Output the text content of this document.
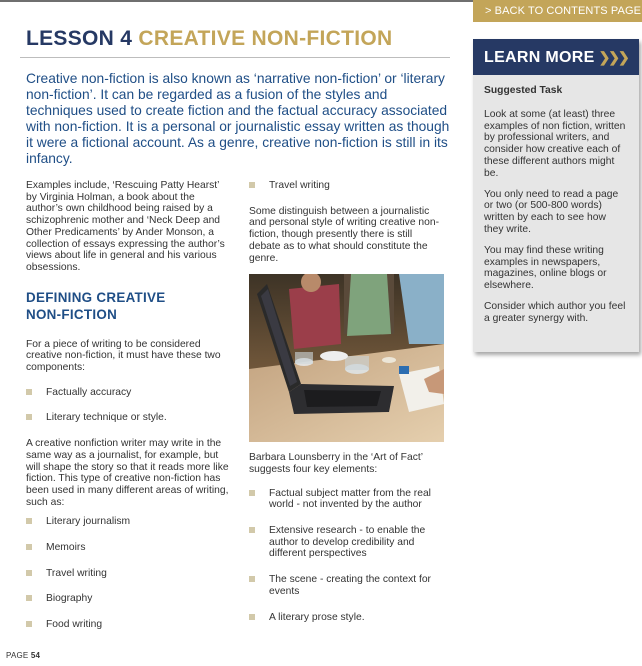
> BACK TO CONTENTS PAGE
LESSON 4 CREATIVE NON-FICTION

Creative non-fiction is also known as ‘narrative non-fiction’ or ‘literary non-fiction’. It can be regarded as a fusion of the styles and techniques used to create fiction and the factual accuracy associated with non-fiction. It is a personal or journalistic essay written as though it were a fictional account. As a genre, creative non-fiction is still in its infancy.

Examples include, ‘Rescuing Patty Hearst’ by Virginia Holman, a book about the author’s own childhood being raised by a schizophrenic mother and ‘Neck Deep and Other Predicaments’ by Ander Monson, a collection of essays expressing the author’s views about life in general and his various obsessions.

DEFINING CREATIVE NON-FICTION

For a piece of writing to be considered creative non-fiction, it must have these two components:

Factually accuracy
Literary technique or style.

A creative nonfiction writer may write in the same way as a journalist, for example, but will shape the story so that it reads more like fiction. This type of creative non-fiction has been used in many different areas of writing, such as:

Literary journalism
Memoirs
Travel writing
Biography
Food writing
Travel writing

Some distinguish between a journalistic and personal style of writing creative non-fiction, though presently there is still debate as to what should constitute the genre.

Barbara Lounsberry in the ‘Art of Fact’ suggests four key elements:

Factual subject matter from the real world - not invented by the author
Extensive research - to enable the author to develop credibility and different perspectives
The scene - creating the context for events
A literary prose style.
LEARN MORE ❯❯❯

Suggested Task

Look at some (at least) three examples of non fiction, written by professional writers, and consider how creative each of these different authors might be.

You only need to read a page or two (or 500-800 words) written by each to see how they write.

You may find these writing examples in newspapers, magazines, online blogs or elsewhere.

Consider which author you feel a greater synergy with.

PAGE 54
